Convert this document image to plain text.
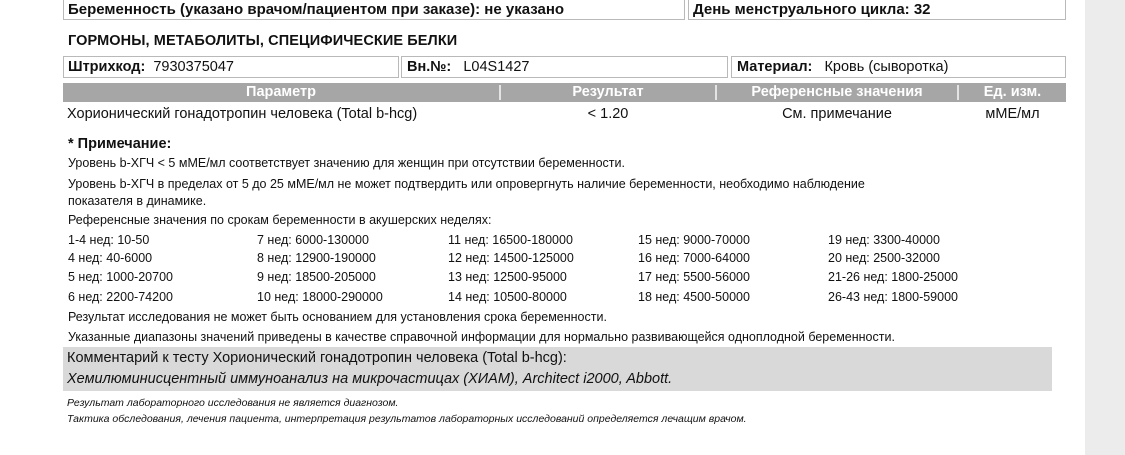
Беременность (указано врачом/пациентом при заказе): не указано	День менструального цикла: 32
ГОРМОНЫ, МЕТАБОЛИТЫ, СПЕЦИФИЧЕСКИЕ БЕЛКИ
Штрихкод: 7930375047	Вн.№: L04S1427	Материал: Кровь (сыворотка)
Параметр	Результат	Референсные значения	Ед. изм.
Хорионический гонадотропин человека (Total b-hcg)	< 1.20	См. примечание	мМЕ/мл
* Примечание:
Уровень b-ХГЧ < 5 мМЕ/мл соответствует значению для женщин при отсутствии беременности.
Уровень b-ХГЧ в пределах от 5 до 25 мМЕ/мл не может подтвердить или опровергнуть наличие беременности, необходимо наблюдение
показателя в динамике.
Референсные значения по срокам беременности в акушерских неделях:
1-4 нед: 10-50	7 нед: 6000-130000	11 нед: 16500-180000	15 нед: 9000-70000	19 нед: 3300-40000
4 нед: 40-6000	8 нед: 12900-190000	12 нед: 14500-125000	16 нед: 7000-64000	20 нед: 2500-32000
5 нед: 1000-20700	9 нед: 18500-205000	13 нед: 12500-95000	17 нед: 5500-56000	21-26 нед: 1800-25000
6 нед: 2200-74200	10 нед: 18000-290000	14 нед: 10500-80000	18 нед: 4500-50000	26-43 нед: 1800-59000
Результат исследования не может быть основанием для установления срока беременности.
Указанные диапазоны значений приведены в качестве справочной информации для нормально развивающейся одноплодной беременности.
Комментарий к тесту Хорионический гонадотропин человека (Total b-hcg):
Хемилюминисцентный иммуноанализ на микрочастицах (ХИАМ), Architect i2000, Abbott.
Результат лабораторного исследования не является диагнозом.
Тактика обследования, лечения пациента, интерпретация результатов лабораторных исследований определяется лечащим врачом.
